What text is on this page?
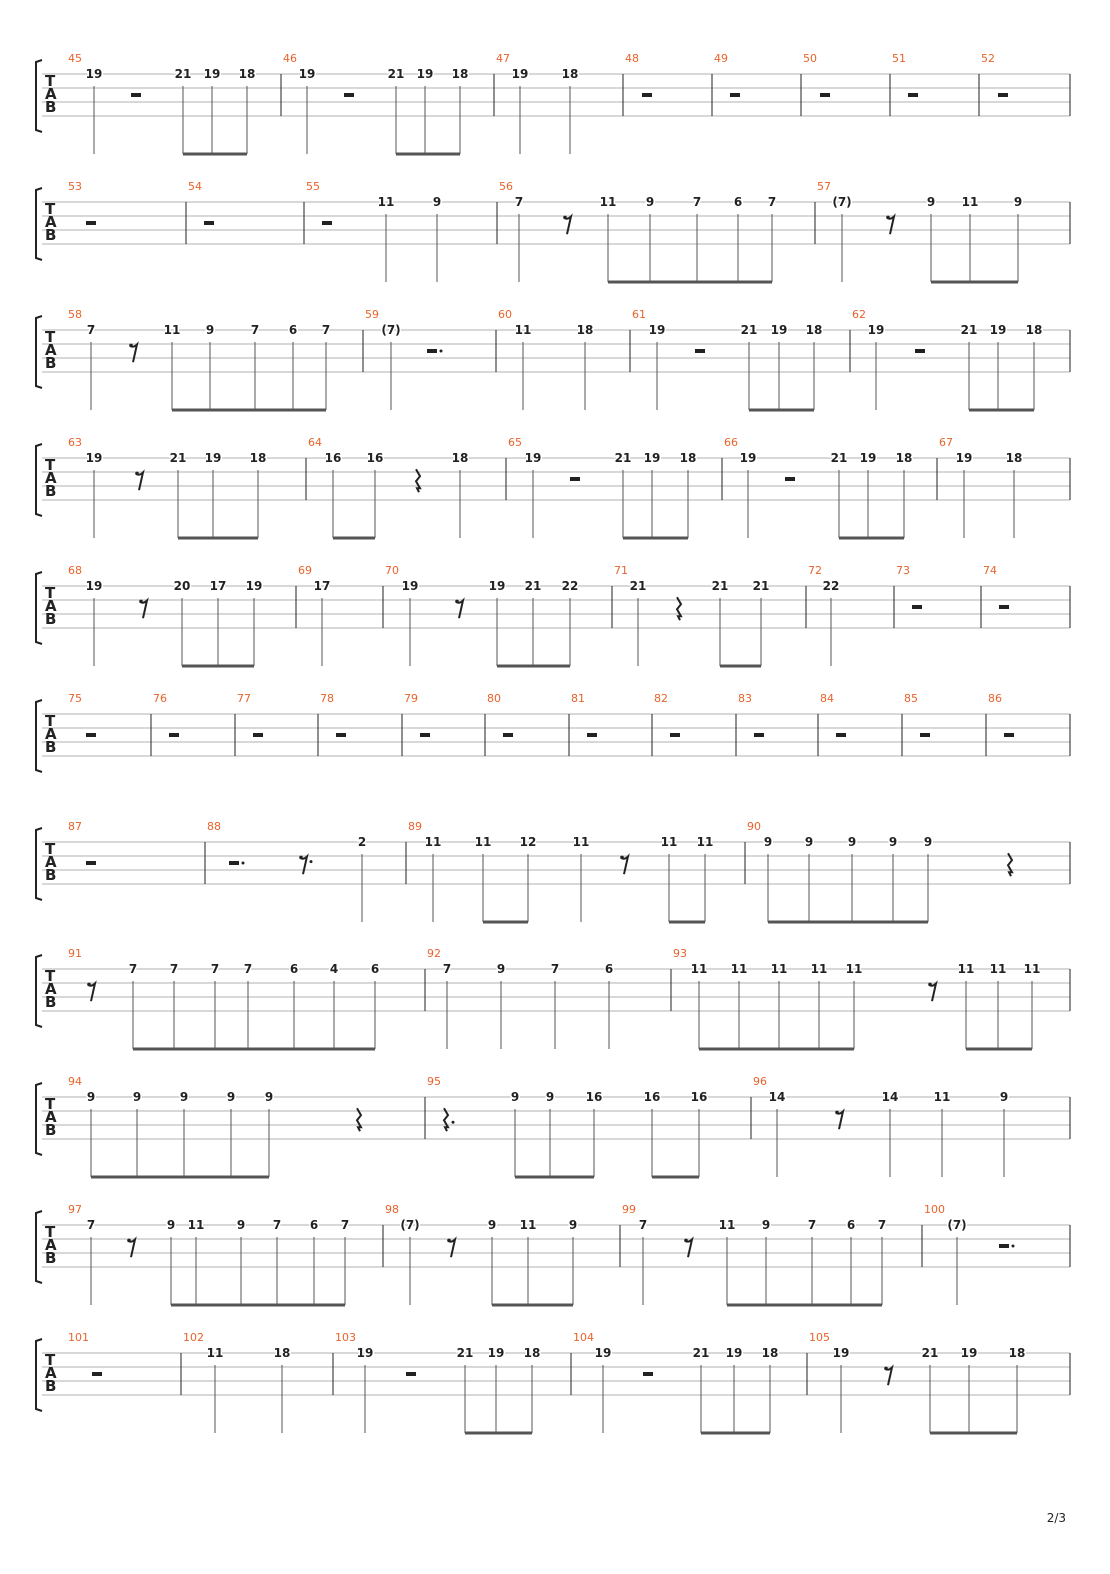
T
A
B
45
19	21 19 18
46
19	21 19 18
47
19	18
48	49	50	51	52
T
A
B
53	54	55
11	9
56
7	11 9	7	6 7
57
(7)	9 11	9
T
A
B
58
7	11 9	7 6 7
59
(7)
60
11	18
61
19	21 19 18
62
19	21 19 18
T
A
B
63
19	21 19 18
64
16 16	18
65
19	21 19 18
66
19	21 19 18
67
19	18
T
A
B
68
19	20 17 19
69
17
70
19	19 21 22
71
21	21 21
72
22
73	74
T
A
B
75	76	77	78	79	80	81	82	83	84	85	86
T
A
B
87	88
2
89
11	11 12	11	11 11
90
9	9	9	9 9
T
A
B
91
7	7	7 7	6	4	6
92
7	9	7	6
93
11 11 11 11 11	11 11 11
T
A
B
94
9	9	9	9 9
95
9 9	16	16	16
96
14	14	11	9
T
A
B
97
7	9 11	9 7 6 7
98
(7)	9 11	9
99
7	11 9	7	6 7
100
(7)
T
A
B
101	102
11	18
103
19	21 19 18
104
19	21 19 18
105
19	21 19	18
2/3
